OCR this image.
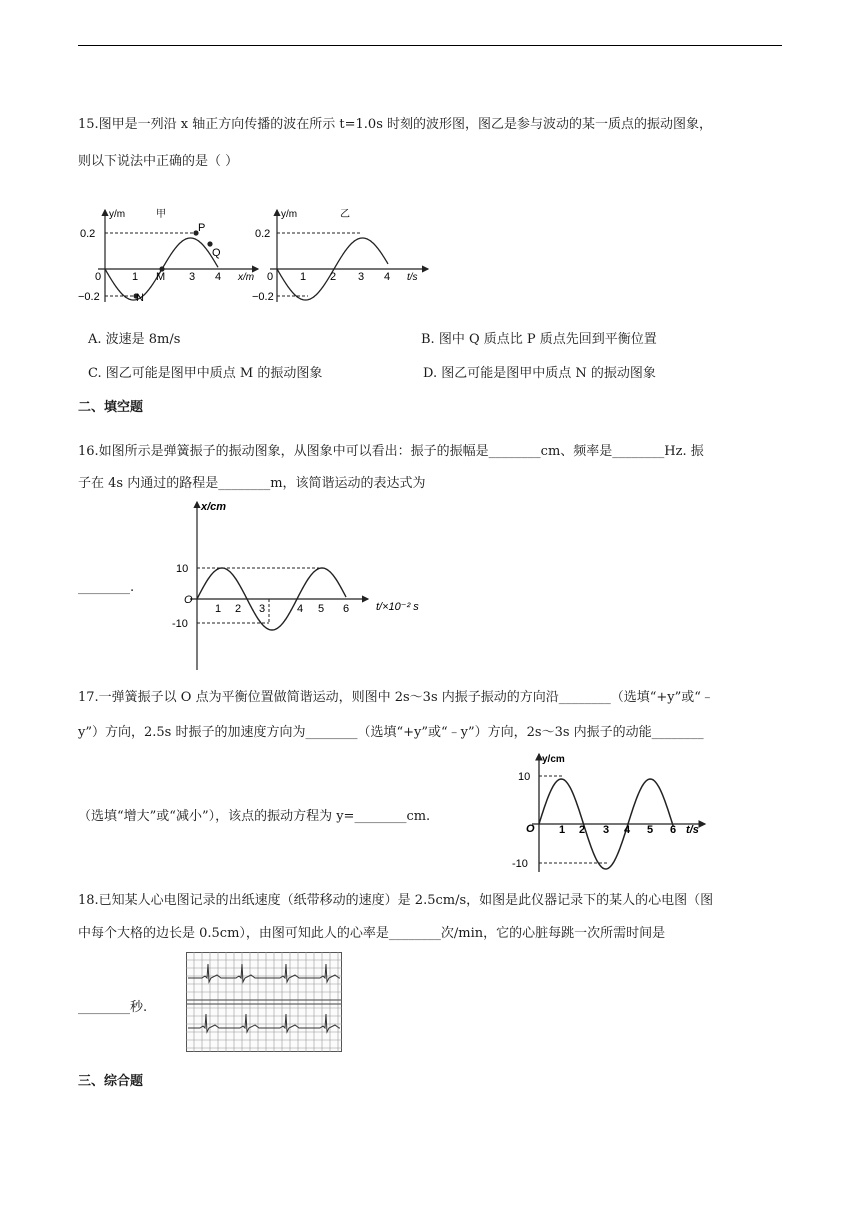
15.图甲是一列沿 x 轴正方向传播的波在所示 t=1.0s 时刻的波形图，图乙是参与波动的某一质点的振动图象，
则以下说法中正确的是（ ）
y/m	甲
0.2
−0.2
0	1 M 3 4 x/m
P
Q
N
y/m	乙
0.2
−0.2
0 1 2 3 4 t/s
A. 波速是 8m/s	B. 图中 Q 质点比 P 质点先回到平衡位置
C. 图乙可能是图甲中质点 M 的振动图象	D. 图乙可能是图甲中质点 N 的振动图象
二、填空题
16.如图所示是弹簧振子的振动图象，从图象中可以看出：振子的振幅是________cm、频率是________Hz. 振
子在 4s 内通过的路程是________m，该简谐运动的表达式为
________.
x/cm
10
-10
O
1 2 3	4 5 6 t/×10⁻² s
17.一弹簧振子以 O 点为平衡位置做简谐运动，则图中 2s～3s 内振子振动的方向沿________（选填“+y”或“﹣
y”）方向，2.5s 时振子的加速度方向为________（选填“+y”或“﹣y”）方向，2s～3s 内振子的动能________
（选填“增大”或“减小”），该点的振动方程为 y=________cm.
y/cm
10
-10
O 1 2 3 4 5 6 t/s
18.已知某人心电图记录的出纸速度（纸带移动的速度）是 2.5cm/s，如图是此仪器记录下的某人的心电图（图
中每个大格的边长是 0.5cm），由图可知此人的心率是________次/min，它的心脏每跳一次所需时间是
________秒.
三、综合题
